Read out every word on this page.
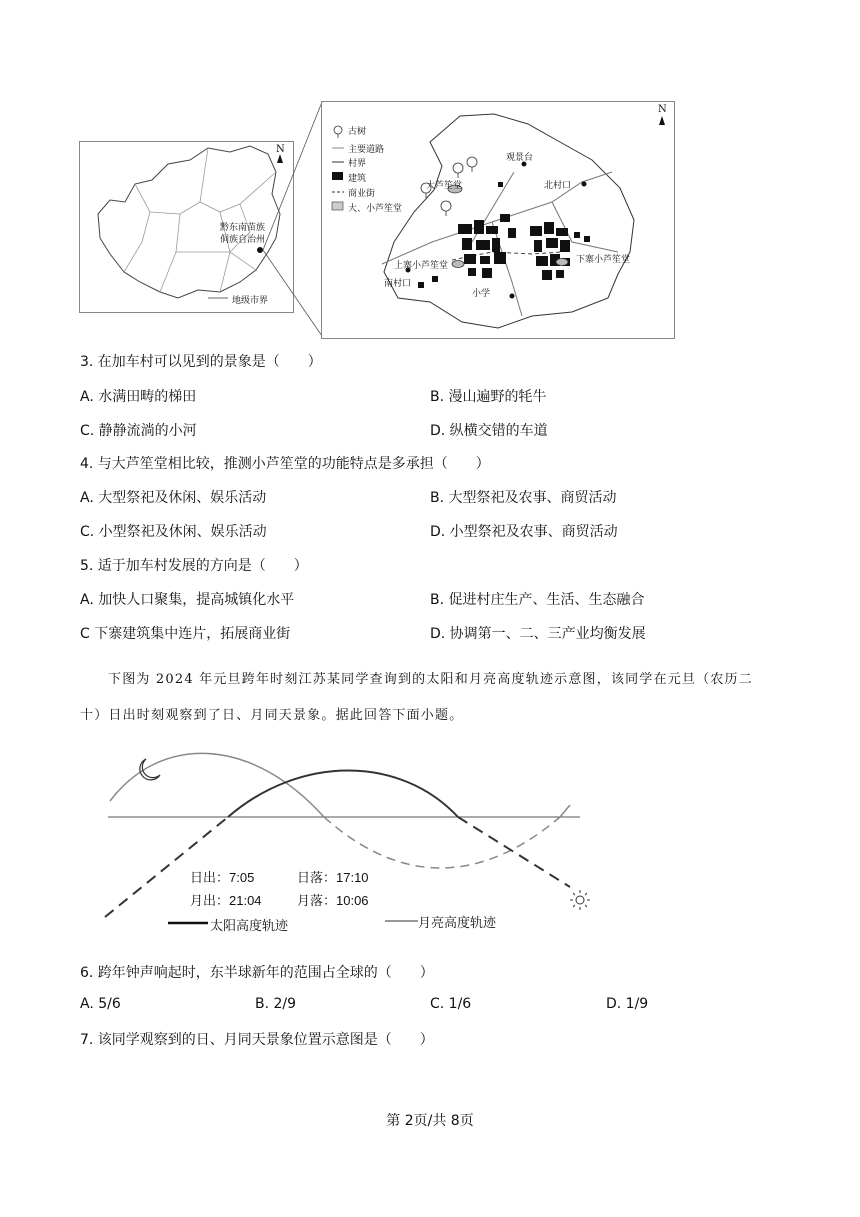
N
黔东南苗族
侗族自治州
地级市界
N
古树
主要道路
村界
建筑
商业街
大、小芦笙堂
观景台
大芦笙堂	北村口
上寨小芦笙堂
下寨小芦笙堂
南村口
小学
3. 在加车村可以见到的景象是（　　）
A. 水满田畴的梯田	B. 漫山遍野的牦牛
C. 静静流淌的小河	D. 纵横交错的车道
4. 与大芦笙堂相比较，推测小芦笙堂的功能特点是多承担（　　）
A. 大型祭祀及休闲、娱乐活动	B. 大型祭祀及农事、商贸活动
C. 小型祭祀及休闲、娱乐活动	D. 小型祭祀及农事、商贸活动
5. 适于加车村发展的方向是（　　）
A. 加快人口聚集，提高城镇化水平	B. 促进村庄生产、生活、生态融合
C 下寨建筑集中连片，拓展商业街	D. 协调第一、二、三产业均衡发展
下图为 2024 年元旦跨年时刻江苏某同学查询到的太阳和月亮高度轨迹示意图，该同学在元旦（农历二
十）日出时刻观察到了日、月同天景象。据此回答下面小题。
日出：7:05	日落：17:10
月出：21:04	月落：10:06
太阳高度轨迹	月亮高度轨迹
6. 跨年钟声响起时，东半球新年的范围占全球的（　　）
A. 5/6	B. 2/9	C. 1/6	D. 1/9
7. 该同学观察到的日、月同天景象位置示意图是（　　）
第 2页/共 8页
